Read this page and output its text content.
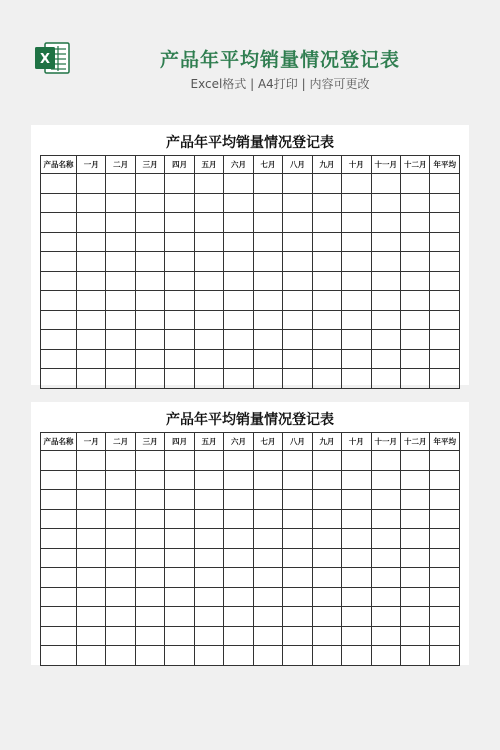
X	产品年平均销量情况登记表
Excel格式 | A4打印 | 内容可更改
产品年平均销量情况登记表
产品名称	一月	二月	三月	四月	五月	六月	七月	八月	九月	十月	十一月	十二月	年平均

产品年平均销量情况登记表
产品名称	一月	二月	三月	四月	五月	六月	七月	八月	九月	十月	十一月	十二月	年平均
